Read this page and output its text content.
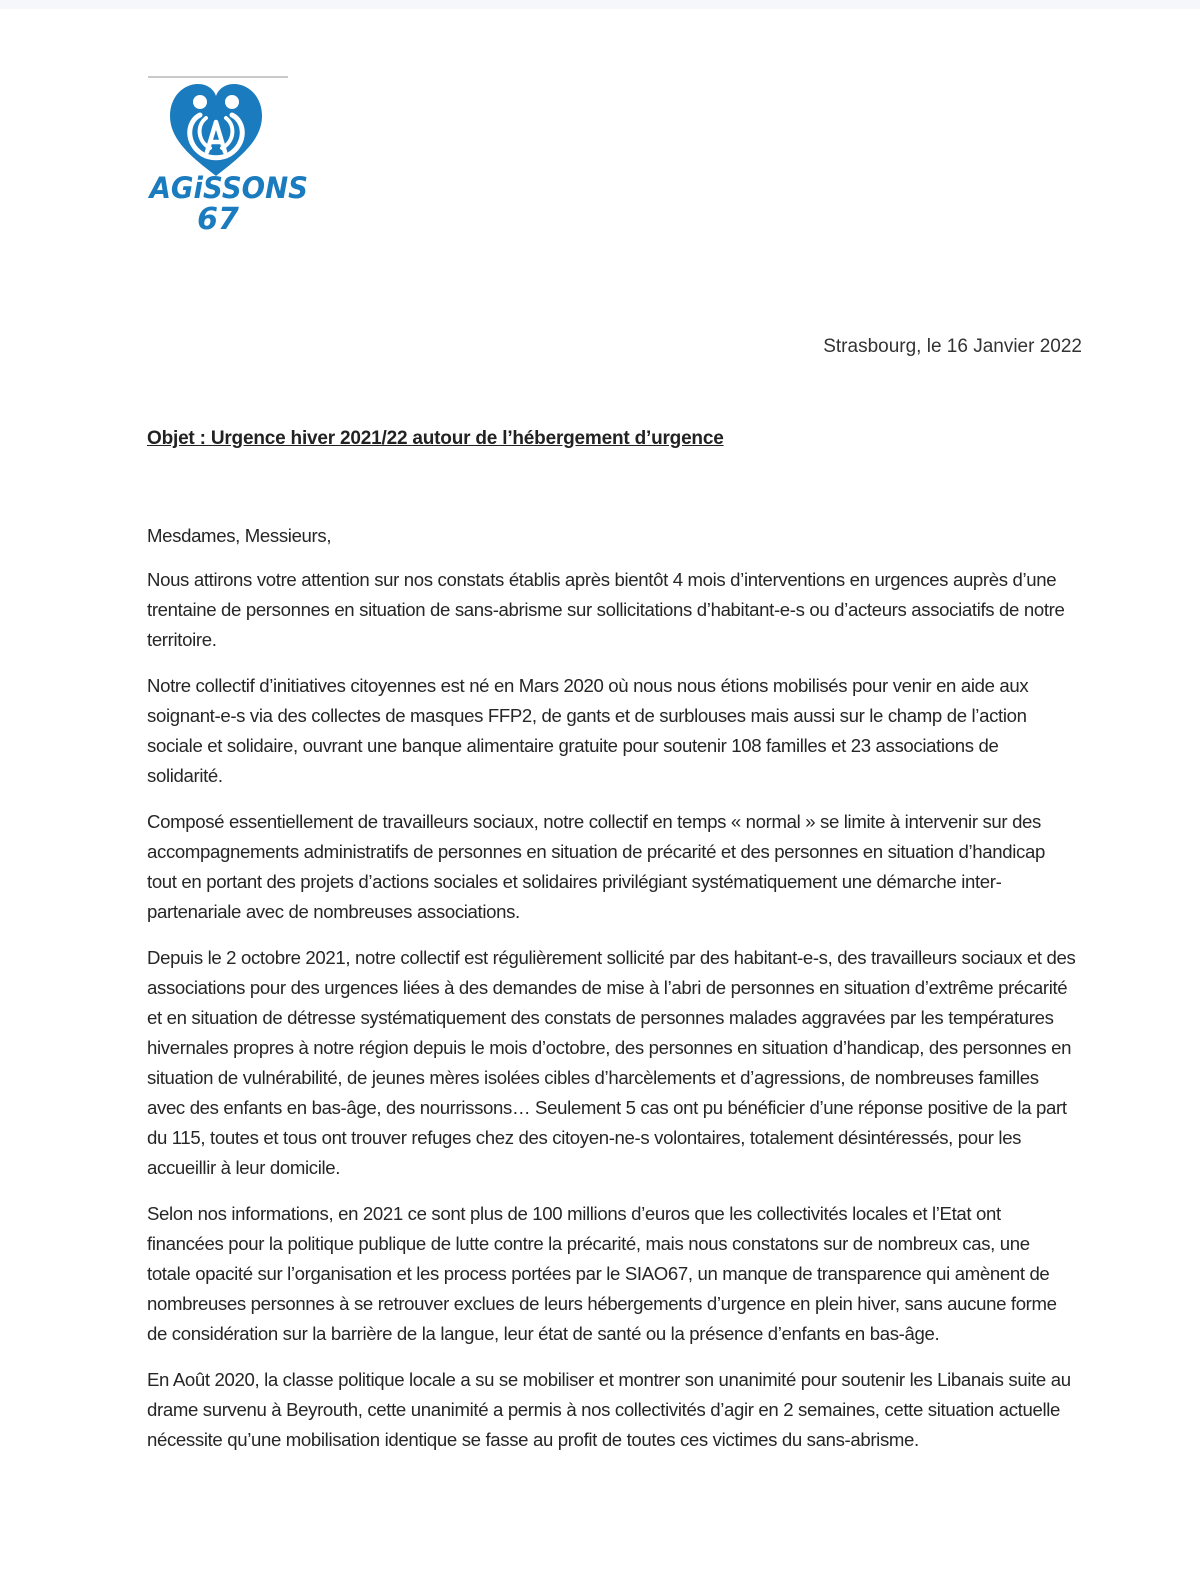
AGiSSONS
67
Strasbourg, le 16 Janvier 2022
Objet : Urgence hiver 2021/22 autour de l’hébergement d’urgence

Mesdames, Messieurs,

Nous attirons votre attention sur nos constats établis après bientôt 4 mois d’interventions en urgences auprès d’une trentaine de personnes en situation de sans-abrisme sur sollicitations d’habitant-e-s ou d’acteurs associatifs de notre territoire.

Notre collectif d’initiatives citoyennes est né en Mars 2020 où nous nous étions mobilisés pour venir en aide aux soignant-e-s via des collectes de masques FFP2, de gants et de surblouses mais aussi sur le champ de l’action sociale et solidaire, ouvrant une banque alimentaire gratuite pour soutenir 108 familles et 23 associations de solidarité.

Composé essentiellement de travailleurs sociaux, notre collectif en temps « normal » se limite à intervenir sur des accompagnements administratifs de personnes en situation de précarité et des personnes en situation d’handicap tout en portant des projets d’actions sociales et solidaires privilégiant systématiquement une démarche inter-partenariale avec de nombreuses associations.

Depuis le 2 octobre 2021, notre collectif est régulièrement sollicité par des habitant-e-s, des travailleurs sociaux et des associations pour des urgences liées à des demandes de mise à l’abri de personnes en situation d’extrême précarité et en situation de détresse systématiquement des constats de personnes malades aggravées par les températures hivernales propres à notre région depuis le mois d’octobre, des personnes en situation d’handicap, des personnes en situation de vulnérabilité, de jeunes mères isolées cibles d’harcèlements et d’agressions, de nombreuses familles avec des enfants en bas-âge, des nourrissons… Seulement 5 cas ont pu bénéficier d’une réponse positive de la part du 115, toutes et tous ont trouver refuges chez des citoyen-ne-s volontaires, totalement désintéressés, pour les accueillir à leur domicile.

Selon nos informations, en 2021 ce sont plus de 100 millions d’euros que les collectivités locales et l’Etat ont financées pour la politique publique de lutte contre la précarité, mais nous constatons sur de nombreux cas, une totale opacité sur l’organisation et les process portées par le SIAO67, un manque de transparence qui amènent de nombreuses personnes à se retrouver exclues de leurs hébergements d’urgence en plein hiver, sans aucune forme de considération sur la barrière de la langue, leur état de santé ou la présence d’enfants en bas-âge.

En Août 2020, la classe politique locale a su se mobiliser et montrer son unanimité pour soutenir les Libanais suite au drame survenu à Beyrouth, cette unanimité a permis à nos collectivités d’agir en 2 semaines, cette situation actuelle nécessite qu’une mobilisation identique se fasse au profit de toutes ces victimes du sans-abrisme.
